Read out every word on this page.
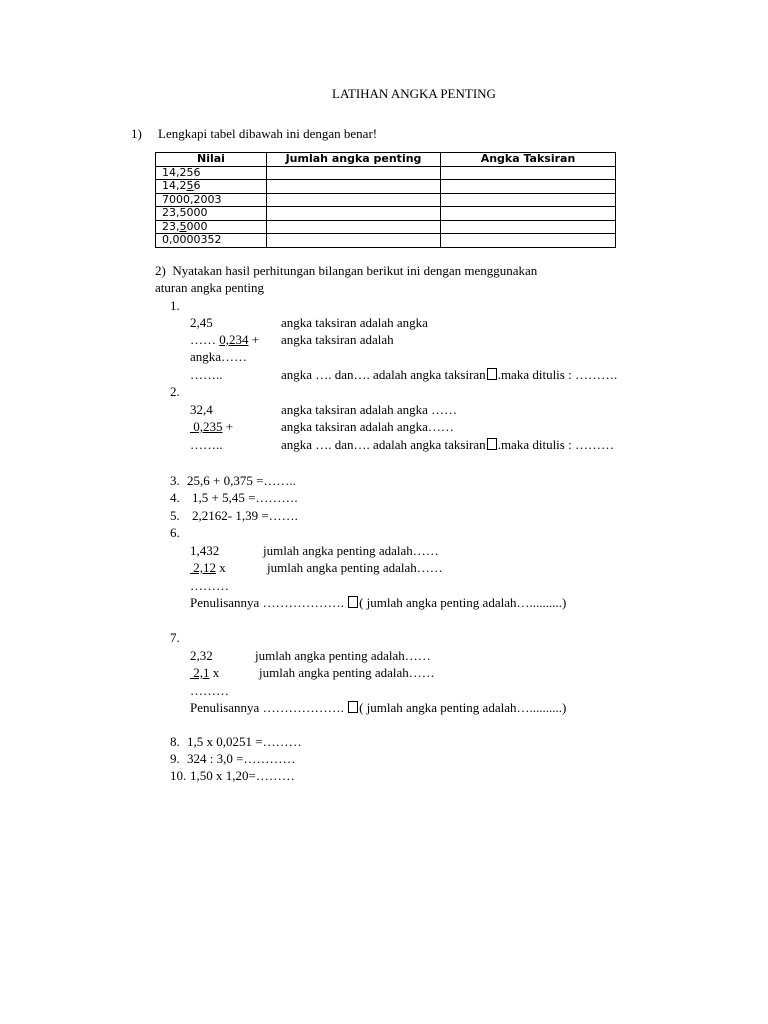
LATIHAN ANGKA PENTING
1) Lengkapi tabel dibawah ini dengan benar!
Nilai	Jumlah angka penting	Angka Taksiran
14,256		
14,256		
7000,2003		
23,5000		
23,5000		
0,0000352		
2)  Nyatakan hasil perhitungan bilangan berikut ini dengan menggunakan
aturan angka penting
1.
2,45	angka taksiran adalah angka
…… 0,234 + angka taksiran adalah
angka……
……..	angka …. dan…. adalah angka taksiran .maka ditulis : ……….
2.
32,4	angka taksiran adalah angka ……
0,235 +	angka taksiran adalah angka……
……..	angka …. dan…. adalah angka taksiran .maka ditulis : ………
3. 25,6 + 0,375 =……..
4. 1,5 + 5,45 =……….
5. 2,2162- 1,39 =…….
6.
1,432	jumlah angka penting adalah……
2,12 x	jumlah angka penting adalah……
………
Penulisannya ………………. ( jumlah angka penting adalah…..........)
7.
2,32	jumlah angka penting adalah……
2,1 x	jumlah angka penting adalah……
………
Penulisannya ………………. ( jumlah angka penting adalah…..........)
8. 1,5 x 0,0251 =………
9. 324 : 3,0 =…………
10. 1,50 x 1,20=………
